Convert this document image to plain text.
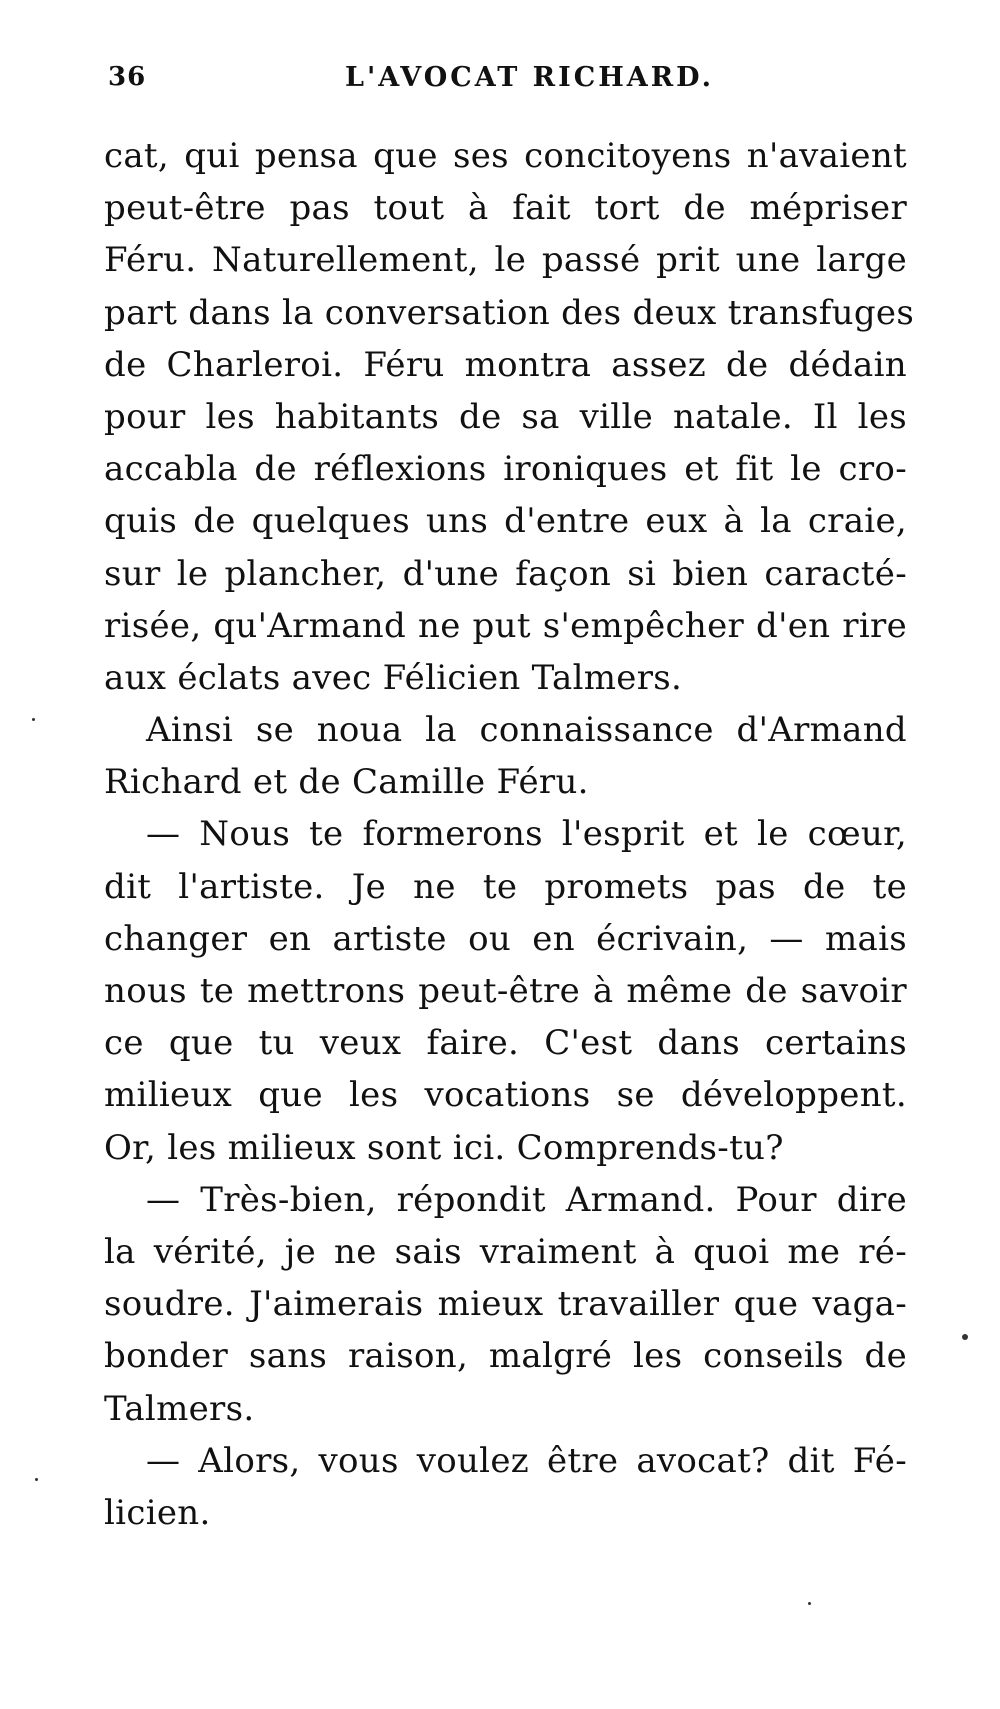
36	L'AVOCAT RICHARD.
cat, qui pensa que ses concitoyens n'avaient
peut-être pas tout à fait tort de mépriser
Féru. Naturellement, le passé prit une large
part dans la conversation des deux transfuges
de Charleroi. Féru montra assez de dédain
pour les habitants de sa ville natale. Il les
accabla de réflexions ironiques et fit le cro-
quis de quelques uns d'entre eux à la craie,
sur le plancher, d'une façon si bien caracté-
risée, qu'Armand ne put s'empêcher d'en rire
aux éclats avec Félicien Talmers.
Ainsi se noua la connaissance d'Armand
Richard et de Camille Féru.
— Nous te formerons l'esprit et le cœur,
dit l'artiste. Je ne te promets pas de te
changer en artiste ou en écrivain, — mais
nous te mettrons peut-être à même de savoir
ce que tu veux faire. C'est dans certains
milieux que les vocations se développent.
Or, les milieux sont ici. Comprends-tu?
— Très-bien, répondit Armand. Pour dire
la vérité, je ne sais vraiment à quoi me ré-
soudre. J'aimerais mieux travailler que vaga-
bonder sans raison, malgré les conseils de
Talmers.
— Alors, vous voulez être avocat? dit Fé-
licien.
